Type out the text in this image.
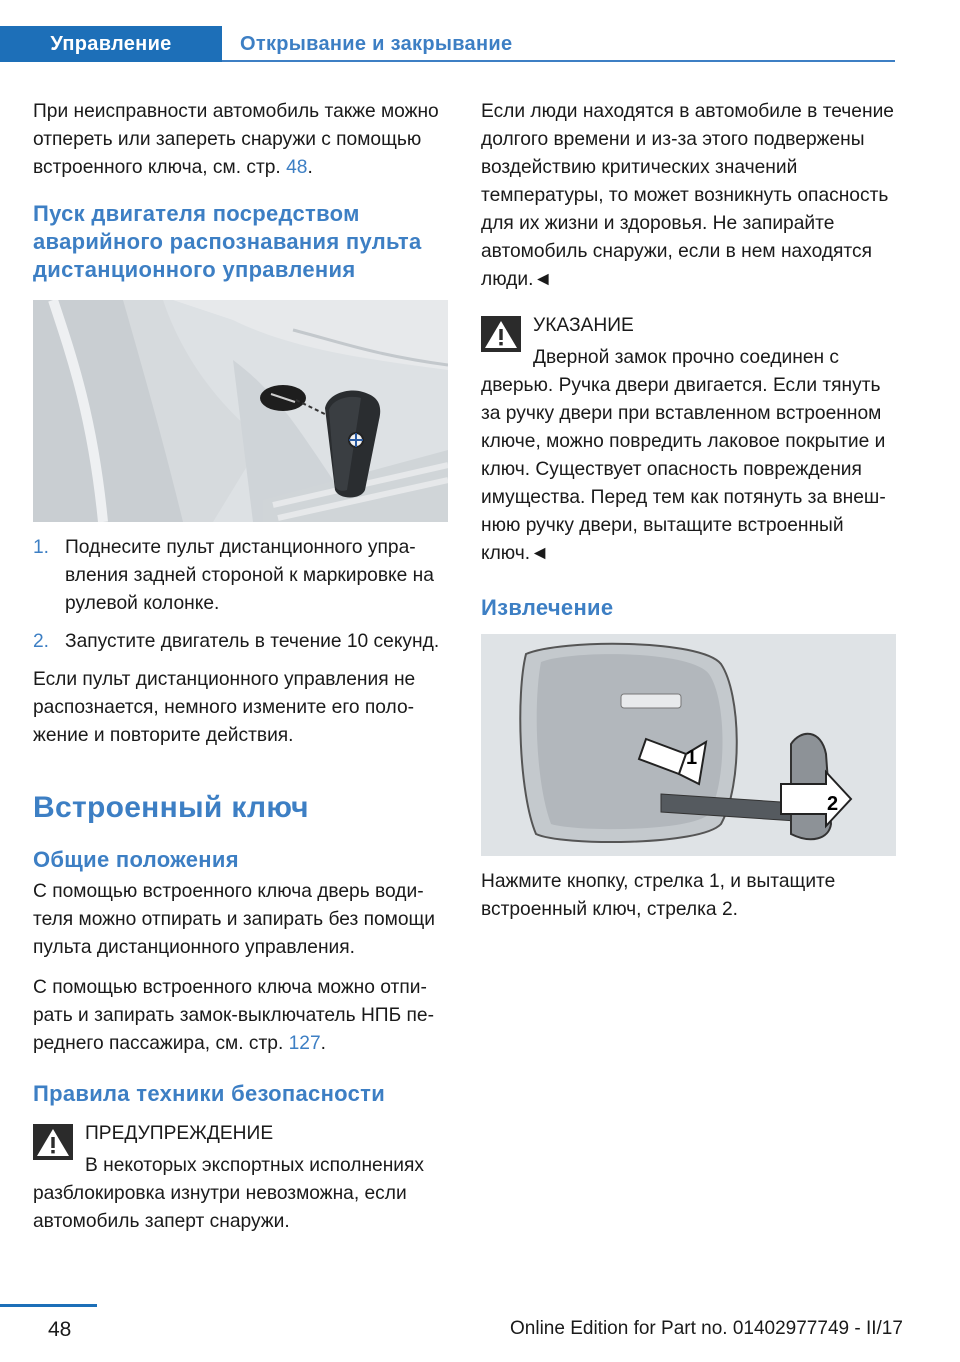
Управление	Открывание и закрывание

При неисправности автомобиль также можно отпереть или запереть снаружи с помощью встроенного ключа, см. стр. 48.

Пуск двигателя посредством аварийного распознавания пульта дистанционного управления
1. Поднесите пульт дистанционного управления задней стороной к маркировке на рулевой колонке.
2. Запустите двигатель в течение 10 секунд.

Если пульт дистанционного управления не распознается, немного измените его положение и повторите действия.

Встроенный ключ
Общие положения

С помощью встроенного ключа дверь водителя можно отпирать и запирать без помощи пульта дистанционного управления.

С помощью встроенного ключа можно отпирать и запирать замок-выключатель НПБ переднего пассажира, см. стр. 127.

Правила техники безопасности

ПРЕДУПРЕЖДЕНИЕ

В некоторых экспортных исполнениях
разблокировка изнутри невозможна, если автомобиль заперт снаружи.

Если люди находятся в автомобиле в течение долгого времени и из-за этого подвержены воздействию критических значений температуры, то может возникнуть опасность для их жизни и здоровья. Не запирайте автомобиль снаружи, если в нем находятся люди.◄

УКАЗАНИЕ

Дверной замок прочно соединен с
дверью. Ручка двери двигается. Если тянуть за ручку двери при вставленном встроенном ключе, можно повредить лаковое покрытие и ключ. Существует опасность повреждения имущества. Перед тем как потянуть за внешнюю ручку двери, вытащите встроенный ключ.◄

Извлечение
1
2

Нажмите кнопку, стрелка 1, и вытащите встроенный ключ, стрелка 2.

48	Online Edition for Part no. 01402977749 - II/17
